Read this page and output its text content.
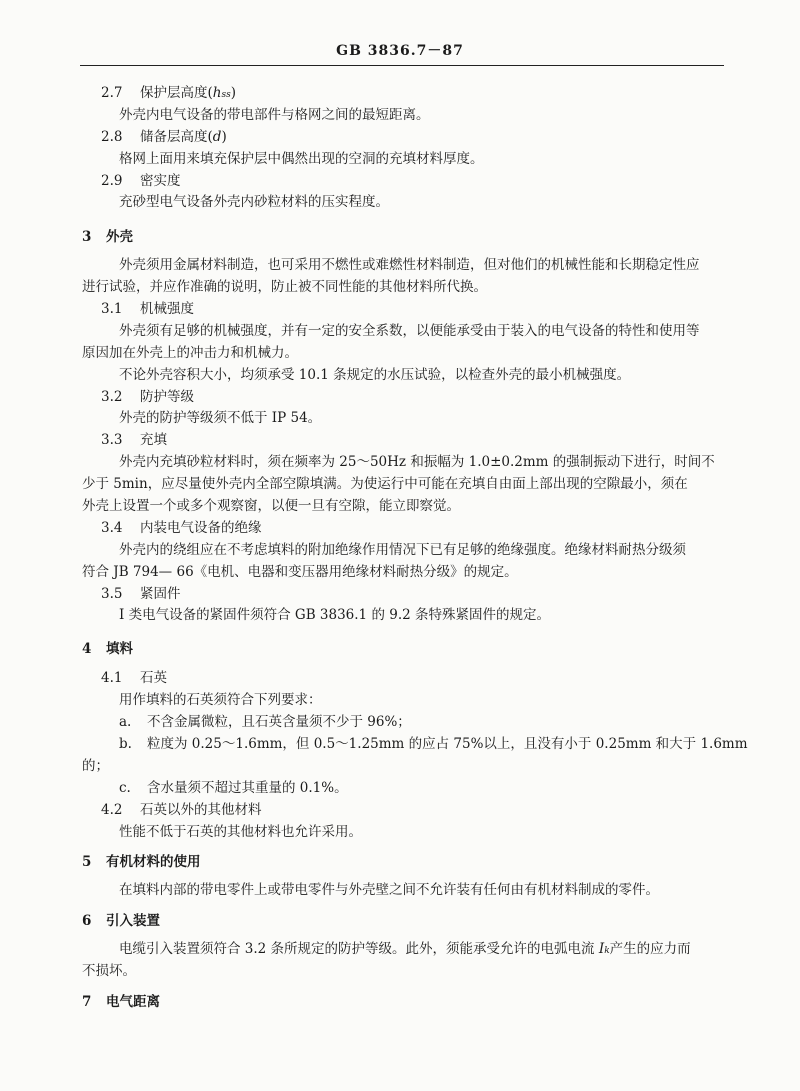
GB 3836.7－87
2.7 保护层高度(hss)
外壳内电气设备的带电部件与格网之间的最短距离。
2.8 储备层高度(d)
格网上面用来填充保护层中偶然出现的空洞的充填材料厚度。
2.9 密实度
充砂型电气设备外壳内砂粒材料的压实程度。
3 外壳
外壳须用金属材料制造，也可采用不燃性或难燃性材料制造，但对他们的机械性能和长期稳定性应
进行试验，并应作准确的说明，防止被不同性能的其他材料所代换。
3.1 机械强度
外壳须有足够的机械强度，并有一定的安全系数，以便能承受由于装入的电气设备的特性和使用等
原因加在外壳上的冲击力和机械力。
不论外壳容积大小，均须承受 10.1 条规定的水压试验，以检查外壳的最小机械强度。
3.2 防护等级
外壳的防护等级须不低于 IP 54。
3.3 充填
外壳内充填砂粒材料时，须在频率为 25～50Hz 和振幅为 1.0±0.2mm 的强制振动下进行，时间不
少于 5min，应尽量使外壳内全部空隙填满。为使运行中可能在充填自由面上部出现的空隙最小，须在
外壳上设置一个或多个观察窗，以便一旦有空隙，能立即察觉。
3.4 内装电气设备的绝缘
外壳内的绕组应在不考虑填料的附加绝缘作用情况下已有足够的绝缘强度。绝缘材料耐热分级须
符合 JB 794— 66《电机、电器和变压器用绝缘材料耐热分级》的规定。
3.5 紧固件
I 类电气设备的紧固件须符合 GB 3836.1 的 9.2 条特殊紧固件的规定。
4 填料
4.1 石英
用作填料的石英须符合下列要求：
a. 不含金属微粒，且石英含量须不少于 96%；
b. 粒度为 0.25～1.6mm，但 0.5～1.25mm 的应占 75%以上，且没有小于 0.25mm 和大于 1.6mm
的；
c. 含水量须不超过其重量的 0.1%。
4.2 石英以外的其他材料
性能不低于石英的其他材料也允许采用。
5 有机材料的使用
在填料内部的带电零件上或带电零件与外壳壁之间不允许装有任何由有机材料制成的零件。
6 引入装置
电缆引入装置须符合 3.2 条所规定的防护等级。此外，须能承受允许的电弧电流 Ik产生的应力而
不损坏。
7 电气距离
